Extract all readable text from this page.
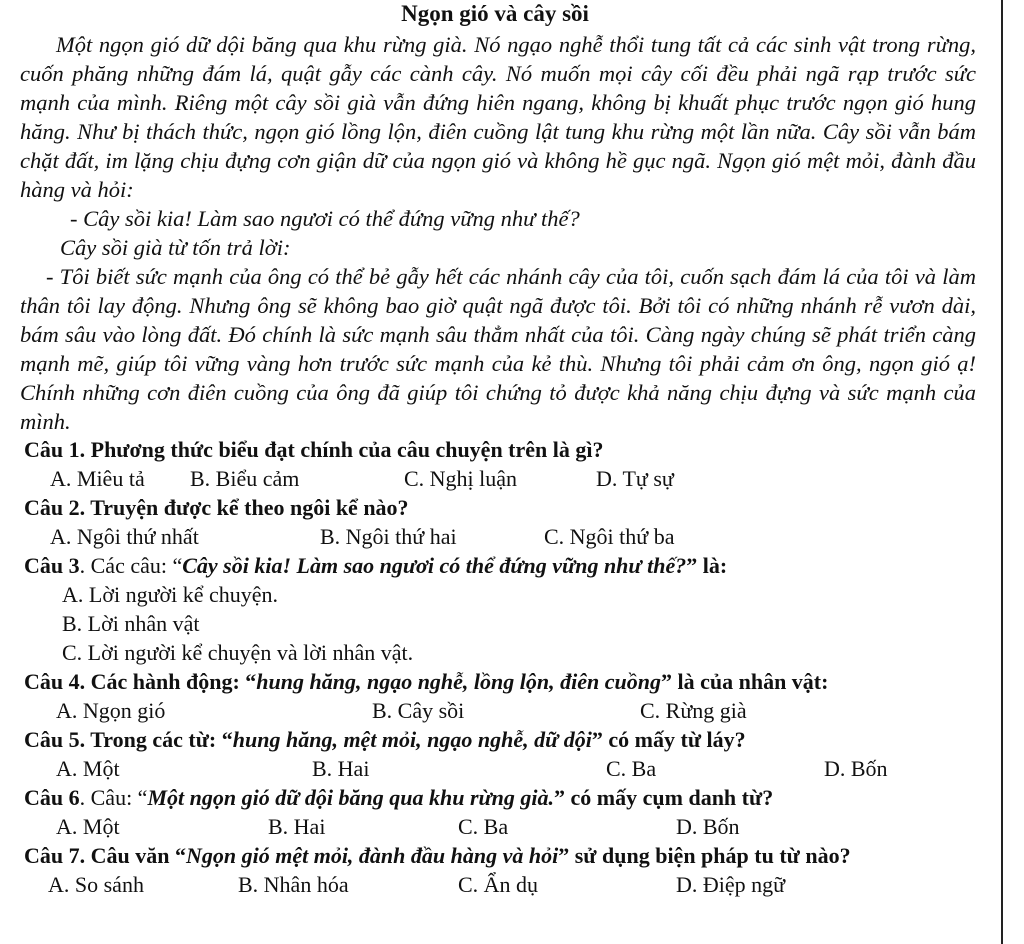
Ngọn gió và cây sồi

Một ngọn gió dữ dội băng qua khu rừng già. Nó ngạo nghễ thổi tung tất cả các sinh vật trong rừng, cuốn phăng những đám lá, quật gẫy các cành cây. Nó muốn mọi cây cối đều phải ngã rạp trước sức mạnh của mình. Riêng một cây sồi già vẫn đứng hiên ngang, không bị khuất phục trước ngọn gió hung hăng. Như bị thách thức, ngọn gió lồng lộn, điên cuồng lật tung khu rừng một lần nữa. Cây sồi vẫn bám chặt đất, im lặng chịu đựng cơn giận dữ của ngọn gió và không hề gục ngã. Ngọn gió mệt mỏi, đành đầu hàng và hỏi:

- Cây sồi kia! Làm sao ngươi có thể đứng vững như thế?

Cây sồi già từ tốn trả lời:

- Tôi biết sức mạnh của ông có thể bẻ gẫy hết các nhánh cây của tôi, cuốn sạch đám lá của tôi và làm thân tôi lay động. Nhưng ông sẽ không bao giờ quật ngã được tôi. Bởi tôi có những nhánh rễ vươn dài, bám sâu vào lòng đất. Đó chính là sức mạnh sâu thẳm nhất của tôi. Càng ngày chúng sẽ phát triển càng mạnh mẽ, giúp tôi vững vàng hơn trước sức mạnh của kẻ thù. Nhưng tôi phải cảm ơn ông, ngọn gió ạ! Chính những cơn điên cuồng của ông đã giúp tôi chứng tỏ được khả năng chịu đựng và sức mạnh của mình.

Câu 1. Phương thức biểu đạt chính của câu chuyện trên là gì?

A. Miêu tả B. Biểu cảm	C. Nghị luận	D. Tự sự

Câu 2. Truyện được kể theo ngôi kể nào?

A. Ngôi thứ nhất	B. Ngôi thứ hai	C. Ngôi thứ ba

Câu 3. Các câu: “Cây sồi kia! Làm sao ngươi có thể đứng vững như thế?” là:

A. Lời người kể chuyện.

B. Lời nhân vật

C. Lời người kể chuyện và lời nhân vật.

Câu 4. Các hành động: “hung hăng, ngạo nghễ, lồng lộn, điên cuồng” là của nhân vật:

A. Ngọn gió	B. Cây sồi	C. Rừng già

Câu 5. Trong các từ: “hung hăng, mệt mỏi, ngạo nghễ, dữ dội” có mấy từ láy?

A. Một	B. Hai	C. Ba	D. Bốn

Câu 6. Câu: “Một ngọn gió dữ dội băng qua khu rừng già.” có mấy cụm danh từ?

A. Một	B. Hai	C. Ba	D. Bốn

Câu 7. Câu văn “Ngọn gió mệt mỏi, đành đầu hàng và hỏi” sử dụng biện pháp tu từ nào?

A. So sánh	B. Nhân hóa	C. Ẩn dụ	D. Điệp ngữ
